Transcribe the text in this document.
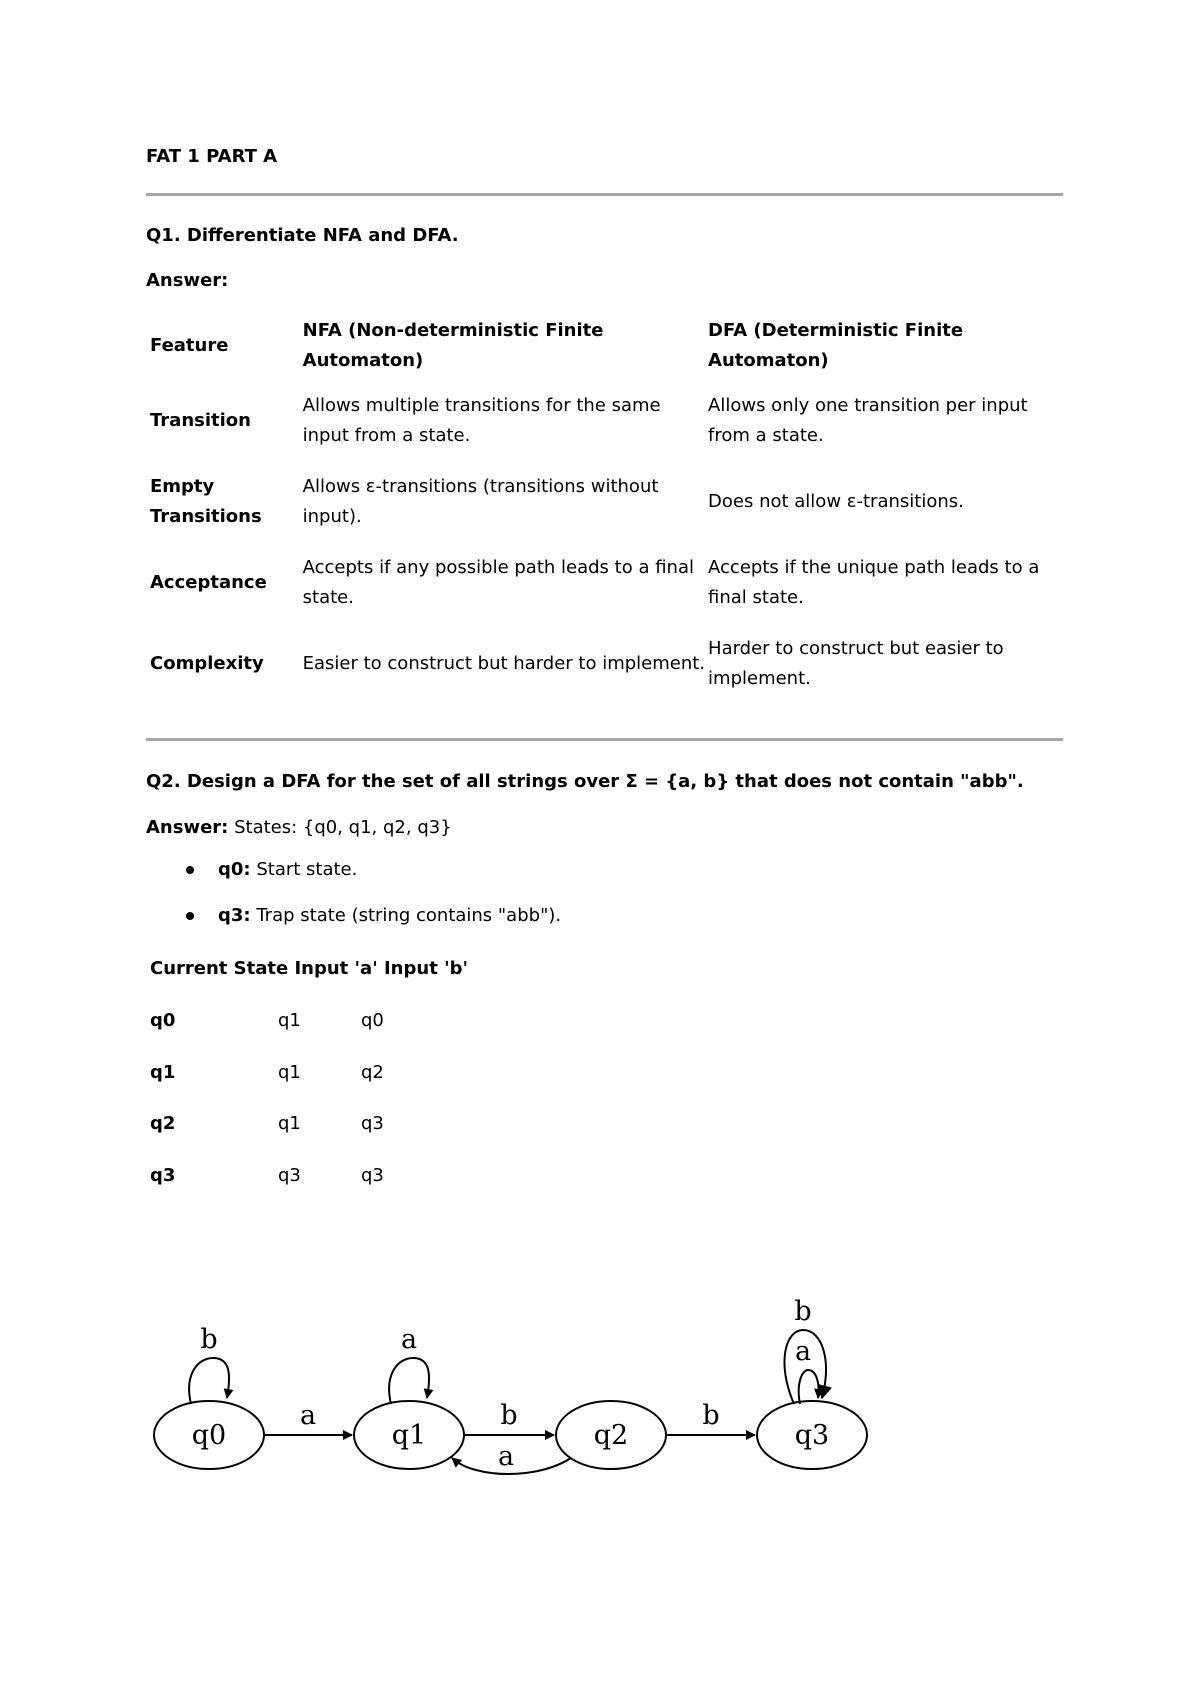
FAT 1 PART A
Q1. Differentiate NFA and DFA.
Answer:
Feature	NFA (Non-deterministic Finite Automaton)	DFA (Deterministic Finite Automaton)
Transition	Allows multiple transitions for the same input from a state.	Allows only one transition per input from a state.
Empty Transitions	Allows ε-transitions (transitions without input).	Does not allow ε-transitions.
Acceptance	Accepts if any possible path leads to a final state.	Accepts if the unique path leads to a final state.
Complexity	Easier to construct but harder to implement.	Harder to construct but easier to implement.
Q2. Design a DFA for the set of all strings over Σ = {a, b} that does not contain "abb".
Answer: States: {q0, q1, q2, q3}
q0: Start state.
q3: Trap state (string contains "abb").
Current State Input 'a' Input 'b'		
q0	q1	q0
q1	q1	q2
q2	q1	q3
q3	q3	q3
q0	q1	q2	q3
b
a
a
b
a
b
b
a
